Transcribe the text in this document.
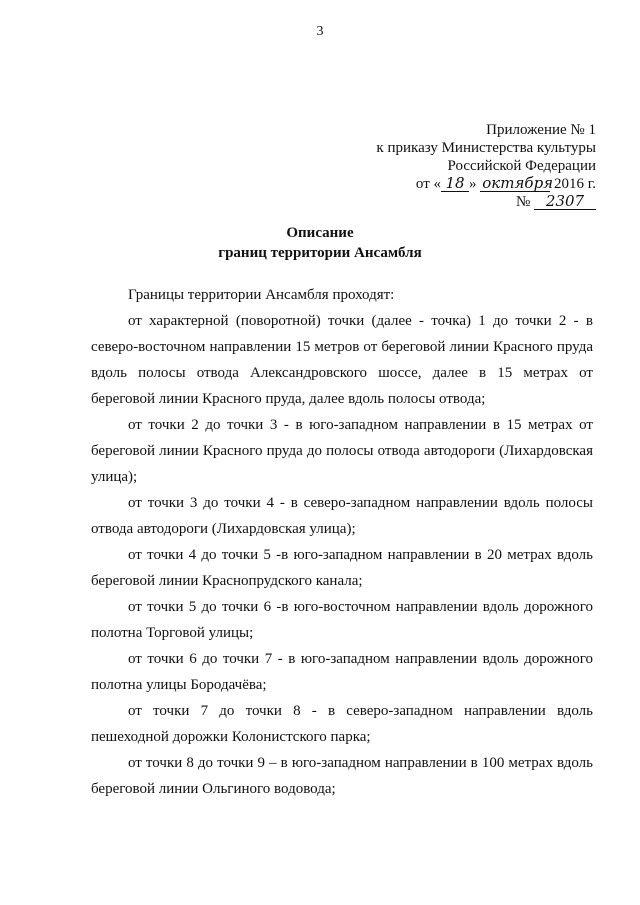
3
Приложение № 1
к приказу Министерства культуры
Российской Федерации
от « 18 » октября 2016 г.
№ 2307
Описание
границ территории Ансамбля

Границы территории Ансамбля проходят:

от характерной (поворотной) точки (далее - точка) 1 до точки 2 - в северо-восточном направлении 15 метров от береговой линии Красного пруда вдоль полосы отвода Александровского шоссе, далее в 15 метрах от береговой линии Красного пруда, далее вдоль полосы отвода;

от точки 2 до точки 3 - в юго-западном направлении в 15 метрах от береговой линии Красного пруда до полосы отвода автодороги (Лихардовская улица);

от точки 3 до точки 4 - в северо-западном направлении вдоль полосы отвода автодороги (Лихардовская улица);

от точки 4 до точки 5 -в юго-западном направлении в 20 метрах вдоль береговой линии Краснопрудского канала;

от точки 5 до точки 6 -в юго-восточном направлении вдоль дорожного полотна Торговой улицы;

от точки 6 до точки 7 - в юго-западном направлении вдоль дорожного полотна улицы Бородачёва;

от точки 7 до точки 8 - в северо-западном направлении вдоль пешеходной дорожки Колонистского парка;

от точки 8 до точки 9 – в юго-западном направлении в 100 метрах вдоль береговой линии Ольгиного водовода;
